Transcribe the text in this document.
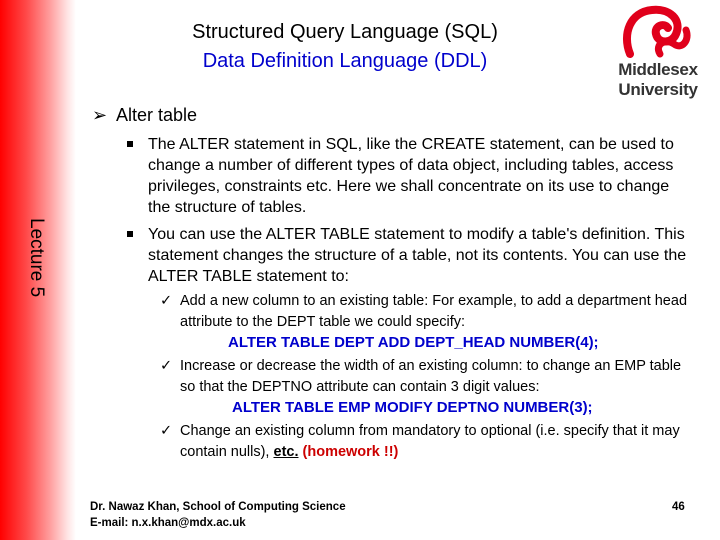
Lecture 5
Structured Query Language (SQL)
Data Definition Language (DDL)	Middlesex
University
➢ Alter table
The ALTER statement in SQL, like the CREATE statement, can be used to change a number of different types of data object, including tables, access privileges, constraints etc. Here we shall concentrate on its use to change the structure of tables.
You can use the ALTER TABLE statement to modify a table's definition. This statement changes the structure of a table, not its contents. You can use the ALTER TABLE statement to:
✓ Add a new column to an existing table: For example, to add a department head attribute to the DEPT table we could specify:
ALTER TABLE DEPT ADD DEPT_HEAD NUMBER(4);
✓ Increase or decrease the width of an existing column: to change an EMP table so that the DEPTNO attribute can contain 3 digit values:
ALTER TABLE EMP MODIFY DEPTNO NUMBER(3);
✓ Change an existing column from mandatory to optional (i.e. specify that it may contain nulls), etc. (homework !!)
Dr. Nawaz Khan, School of Computing Science
E-mail: n.x.khan@mdx.ac.uk
46
